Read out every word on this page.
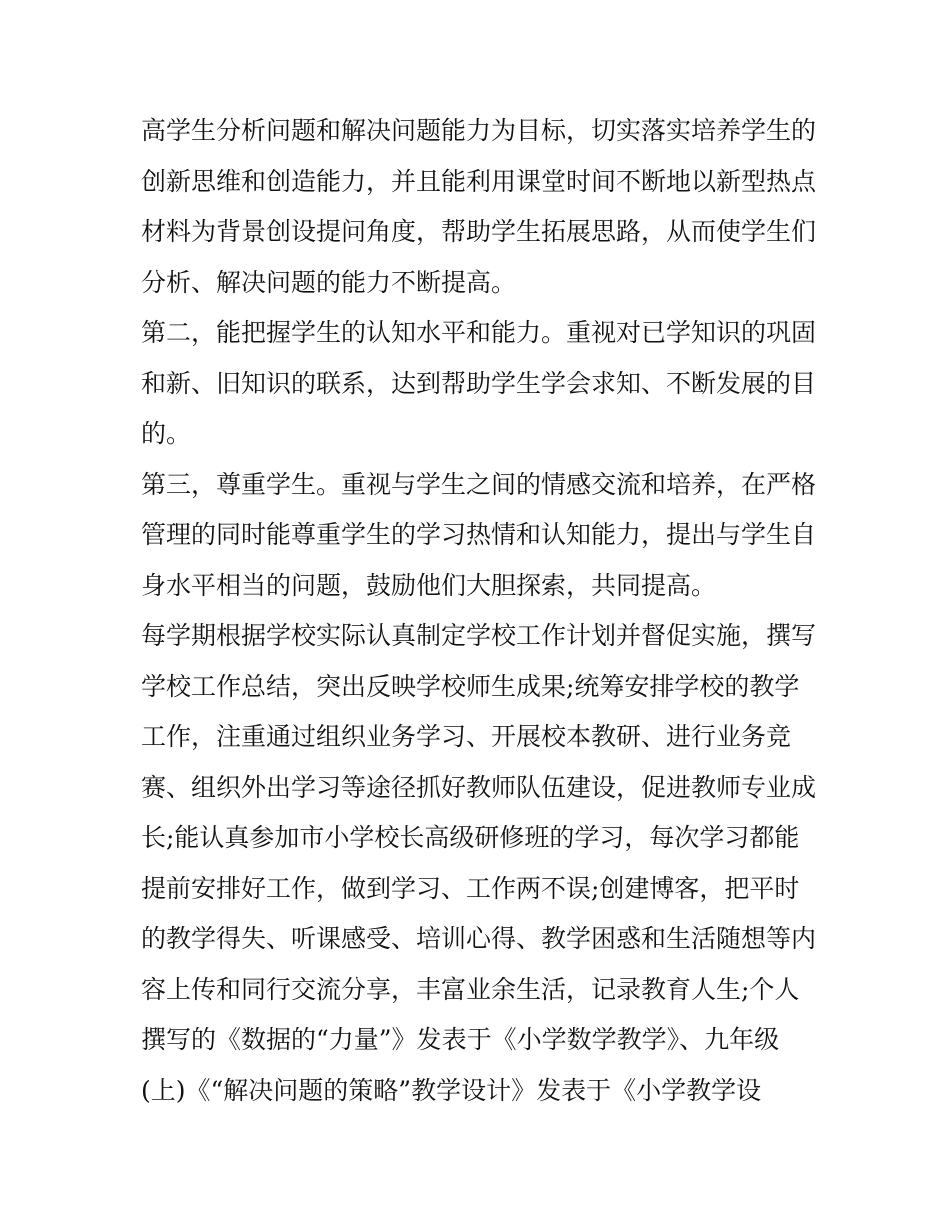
高学生分析问题和解决问题能力为目标，切实落实培养学生的
创新思维和创造能力，并且能利用课堂时间不断地以新型热点
材料为背景创设提问角度，帮助学生拓展思路，从而使学生们
分析、解决问题的能力不断提高。
第二，能把握学生的认知水平和能力。重视对已学知识的巩固
和新、旧知识的联系，达到帮助学生学会求知、不断发展的目
的。
第三，尊重学生。重视与学生之间的情感交流和培养，在严格
管理的同时能尊重学生的学习热情和认知能力，提出与学生自
身水平相当的问题，鼓励他们大胆探索，共同提高。
每学期根据学校实际认真制定学校工作计划并督促实施，撰写
学校工作总结，突出反映学校师生成果;统筹安排学校的教学
工作，注重通过组织业务学习、开展校本教研、进行业务竞
赛、组织外出学习等途径抓好教师队伍建设，促进教师专业成
长;能认真参加市小学校长高级研修班的学习，每次学习都能
提前安排好工作，做到学习、工作两不误;创建博客，把平时
的教学得失、听课感受、培训心得、教学困惑和生活随想等内
容上传和同行交流分享，丰富业余生活，记录教育人生;个人
撰写的《数据的“力量”》发表于《小学数学教学》、九年级
(上)《“解决问题的策略”教学设计》发表于《小学教学设
